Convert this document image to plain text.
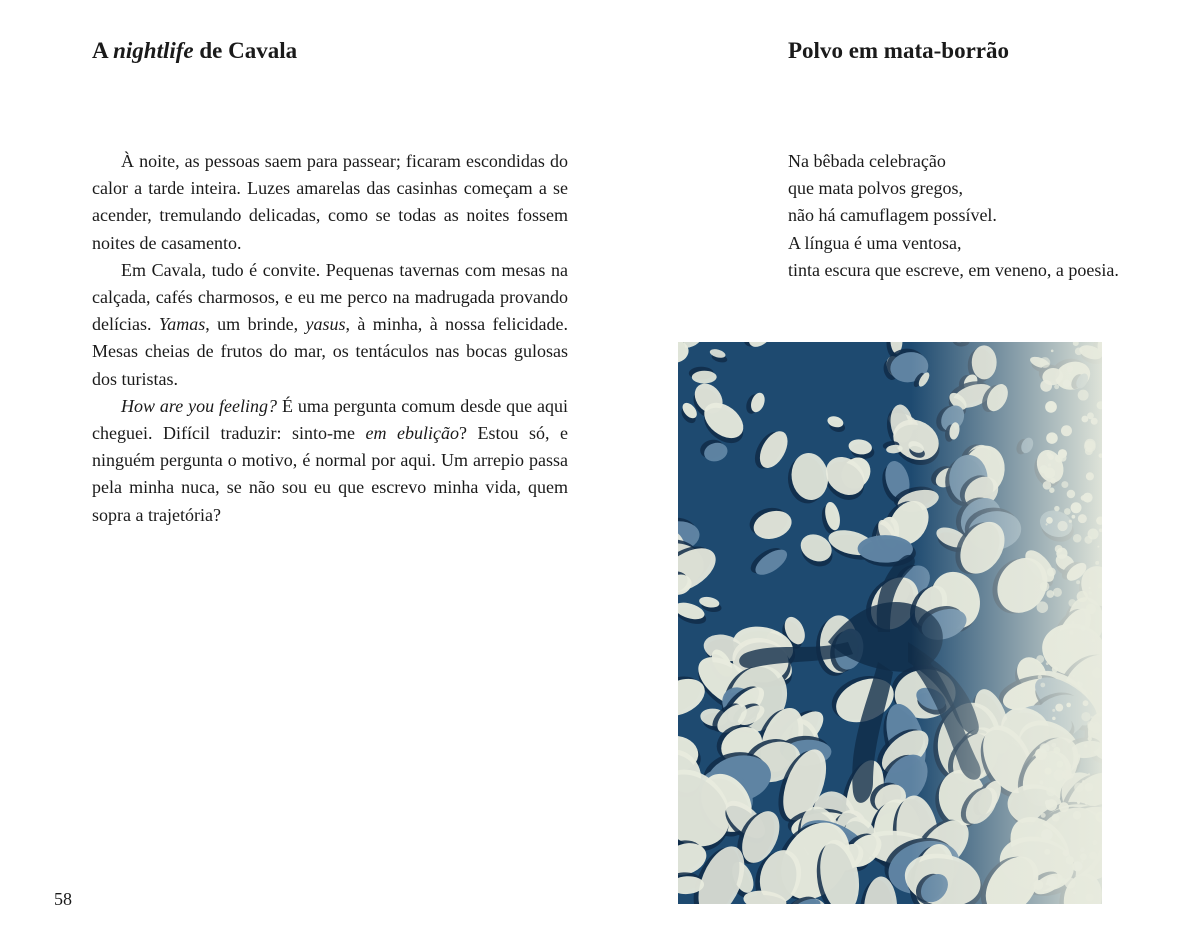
A nightlife de Cavala

À noite, as pessoas saem para passear; ficaram escondidas do calor a tarde inteira. Luzes amarelas das casinhas começam a se acender, tremulando delicadas, como se todas as noites fossem noites de casamento.

Em Cavala, tudo é convite. Pequenas tavernas com mesas na calçada, cafés charmosos, e eu me perco na madrugada provando delícias. Yamas, um brinde, yasus, à minha, à nossa felicidade. Mesas cheias de frutos do mar, os tentáculos nas bocas gulosas dos turistas.

How are you feeling? É uma pergunta comum desde que aqui cheguei. Difícil traduzir: sinto-me em ebulição? Estou só, e ninguém pergunta o motivo, é normal por aqui. Um arrepio passa pela minha nuca, se não sou eu que escrevo minha vida, quem sopra a trajetória?

58
Polvo em mata-borrão
Na bêbada celebração
que mata polvos gregos,
não há camuflagem possível.
A língua é uma ventosa,
tinta escura que escreve, em veneno, a poesia.
